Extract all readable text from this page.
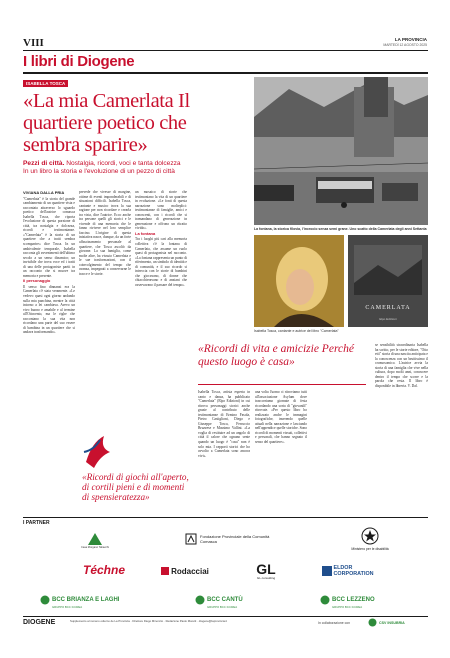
VIII	LA PROVINCIA
MARTEDÌ 12 AGOSTO 2025
I libri di Diogene
ISABELLA TOSCA
«La mia Camerlata Il quartiere poetico che sembra sparire»
Pezzi di città. Nostalgia, ricordi, voci e tanta dolcezza
In un libro la storia e l'evoluzione di un pezzo di città
La fontana, la storica filovia, l'incrocio senza semi grane. Uno scatto della Camerlata degli anni Settanta
Isabella Tosca, cantante e autrice del libro "Camerlata"
CAMERLATA
Elpo Edizioni
VIVIANA DALLA PRIA
"Camerlata" è la storia del grande cambiamento di un quartiere vista e raccontata attraverso lo sguardo poetico dell'autrice comasca Isabella Tosca, che riporta l'evoluzione di questa porzione di città, tra nostalgia e dolcezza, ricordi e testimonianze. «"Camerlata" è la storia di un quartiere che a tratti sembra scomparire» dice Tosca. In un ambivalente temporale, Isabella racconta gli avvenimenti dell'ultimo secolo a un senso dinamico; un invisibile che trova voce ed i tratti di una delle protagoniste partii in un racconto che si muove tra memoria e presente.
Il personaggio
Il senso fino dinnanzi era la Camerlata c'è stata veramente. «Le vedevo quasi ogni giorno andando sulla mia panchina, mentre la città intorno a lei cambiava. Avevo un vivo buono e amabile e al termine all'Ottocento, ma le righe che raccontano la sua vita non ricordano una parte del suo essere di bambina in un quartiere che si andava trasformando».
prevede che vivesse di margine, ottime di eventi imponderabili e di situazioni difficili. Isabella Tosca, cantante e musico trova la sua ragione per non ricordare e crearla tra vista, dice l'autrice. Ecco anche tra persone quelli gli storici e le vicende di una memoria che le fanno rivivere nel loro semplice fascino. L'origine di questa iniziativa nasce, dunque, da un forte affascinamento personale al quartiere, che Tosca ascoltò da giovane. La sua famiglia, come molte altre, ha vissuto Camerlata e le sue trasformazioni, con il coinvolgimento del tempo che avanza, impegnati a conservarne le tracce e le storie.
un mosaico di storie che testimoniano la vita di un quartiere in evoluzione. «Le fonti di questa narrazione sono molteplici: testimonianze di famiglie, amici e conoscenti, con i ricordi che si tramandano di generazione in generazione e offrono un ritratto vivido».
La fontana
Tra i luoghi più cari alla memoria collettiva c'è la fontana di Camerlata, che assume un ruolo quasi di protagonista nel racconto. «La fontana rappresenta un punto di riferimento, un simbolo di identità e di comunità, e il suo ricordo si intreccia con le storie di bambini che giocavano, di donne che chiacchieravano e di anziani che osservavano il passare del tempo».
«Ricordi di giochi all'aperto, di cortili pieni e di momenti di spensieratezza»
«Ricordi di vita e amicizie Perché questo luogo è casa»
Isabella Tosca, artista esperta in canto e danza, ha pubblicato "Camerlata" (Elpo Edizioni) in cui ritrova personaggi storici anche grazie al contributo delle testimonianze di Ermino Fasola, Pietro Castiglioni, Diego e Giuseppe Tosca, Ferruccio Bruzzese e Massimo Vallini. «La voglia di restituire ad un angolo di città il calore che ognuno sente quando un luogo è "casa" non è solo mia. I rapporti storici che ho avvolto a Camerlata sono ancora vivi».
una volta l'uomo ci ritroviamo tutti all'associazione Asylum dove trascorriamo giornate di festa ricordando una sorta di "giovanili" ritrovate. «Per questo libro ho realizzato anche le immagini fotografiche, inserendo quelle attuali nella narrazione e lasciando nell'appendice quelle storiche. Sono ricordi di momenti vissuti, collettivi e personali, che hanno segnato il senso del quartiere».
se sensibilità straordinaria Isabella ha scritto, per le storie editore, "Otto etti" storia di una nascita anticipata e la conoscenza con un bruttissimo il cromosomico. L'autrice avvia la storia di una famiglia che vive nella cultura, dopo molti anni, conoscere dentro il tempo che scorre e la parola che resta. Il libro è disponibile in libreria. V. Dal.
I PARTNER
Casa Morgano Tabacchi
Fondazione Provinciale della Comunità Comasca
Ministero per le disabilità
Téchne	Rodacciai	GL
GL consulting
ELDOR CORPORATION
BCC BRIANZA E LAGHI
GRUPPO BCC ICCREA
BCC CANTÙ
GRUPPO BCC ICCREA
BCC LEZZENO
GRUPPO BCC ICCREA
DIOGENE	Supplemento al numero odierno de La Provincia · Direttore Diego Minonzio · Redazione Paolo Moretti · diogene@laprovincia.it	In collaborazione con	CSV INSUBRIA
